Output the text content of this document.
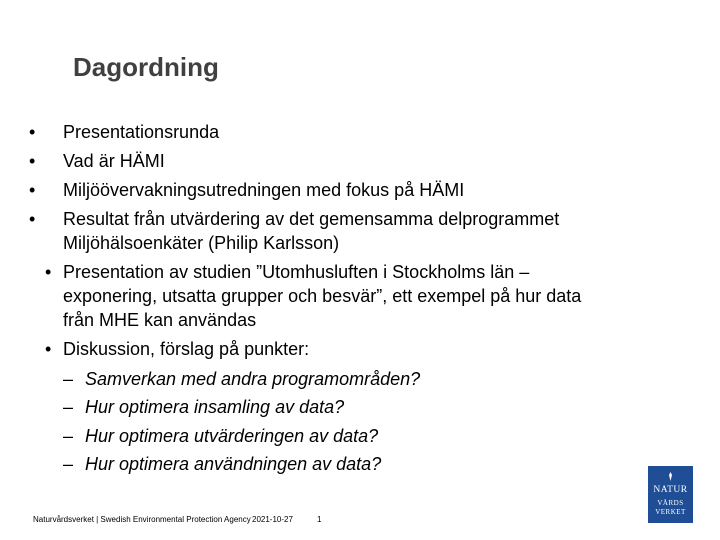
Dagordning
• Presentationsrunda
• Vad är HÄMI
• Miljöövervakningsutredningen med fokus på HÄMI
• Resultat från utvärdering av det gemensamma delprogrammet
Miljöhälsoenkäter (Philip Karlsson)
• Presentation av studien ”Utomhusluften i Stockholms län –
exponering, utsatta grupper och besvär”, ett exempel på hur data
från MHE kan användas
• Diskussion, förslag på punkter:
– Samverkan med andra programområden?
– Hur optimera insamling av data?
– Hur optimera utvärderingen av data?
– Hur optimera användningen av data?
Naturvårdsverket | Swedish Environmental Protection Agency 2021-10-27	1
NATUR
VÅRDS
VERKET
